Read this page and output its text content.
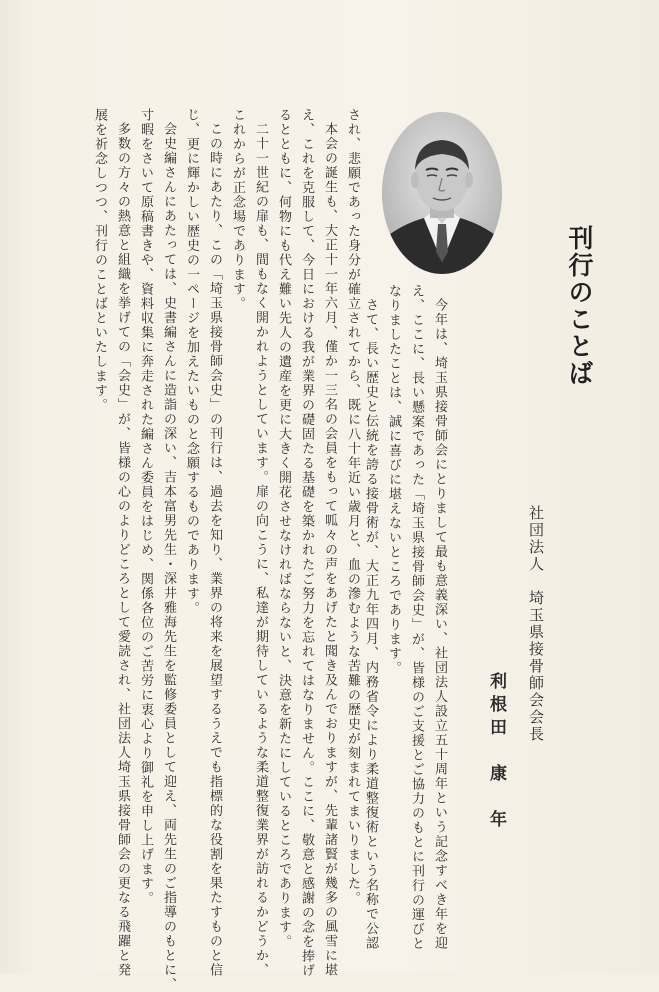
刊行のことば
社団法人　埼玉県接骨師会会長
利根田　康　年
今年は、埼玉県接骨師会にとりまして最も意義深い、社団法人設立五十周年という記念すべき年を迎
え、ここに、長い懸案であった「埼玉県接骨師会史」が、皆様のご支援とご協力のもとに刊行の運びと
なりましたことは、誠に喜びに堪えないところであります。
さて、長い歴史と伝統を誇る接骨術が、大正九年四月、内務省令により柔道整復術という名称で公認
され、悲願であった身分が確立されてから、既に八十年近い歳月と、血の滲むような苦難の歴史が刻まれてまいりました。
本会の誕生も、大正十一年六月、僅か一三名の会員をもって呱々の声をあげたと聞き及んでおりますが、先輩諸賢が幾多の風雪に堪
え、これを克服して、今日における我が業界の礎固たる基礎を築かれたご努力を忘れてはなりません。ここに、敬意と感謝の念を捧げ
るとともに、何物にも代え難い先人の遺産を更に大きく開花させなければならないと、決意を新たにしているところであります。
二十一世紀の扉も、間もなく開かれようとしています。扉の向こうに、私達が期待しているような柔道整復業界が訪れるかどうか、
これからが正念場であります。
この時にあたり、この「埼玉県接骨師会史」の刊行は、過去を知り、業界の将来を展望するうえでも指標的な役割を果たすものと信
じ、更に輝かしい歴史の一ページを加えたいものと念願するものであります。
会史編さんにあたっては、史書編さんに造詣の深い、吉本富男先生・深井雅海先生を監修委員として迎え、両先生のご指導のもとに、
寸暇をさいて原稿書きや、資料収集に奔走された編さん委員をはじめ、関係各位のご苦労に衷心より御礼を申し上げます。
多数の方々の熱意と組織を挙げての「会史」が、皆様の心のよりどころとして愛読され、社団法人埼玉県接骨師会の更なる飛躍と発
展を祈念しつつ、刊行のことばといたします。
